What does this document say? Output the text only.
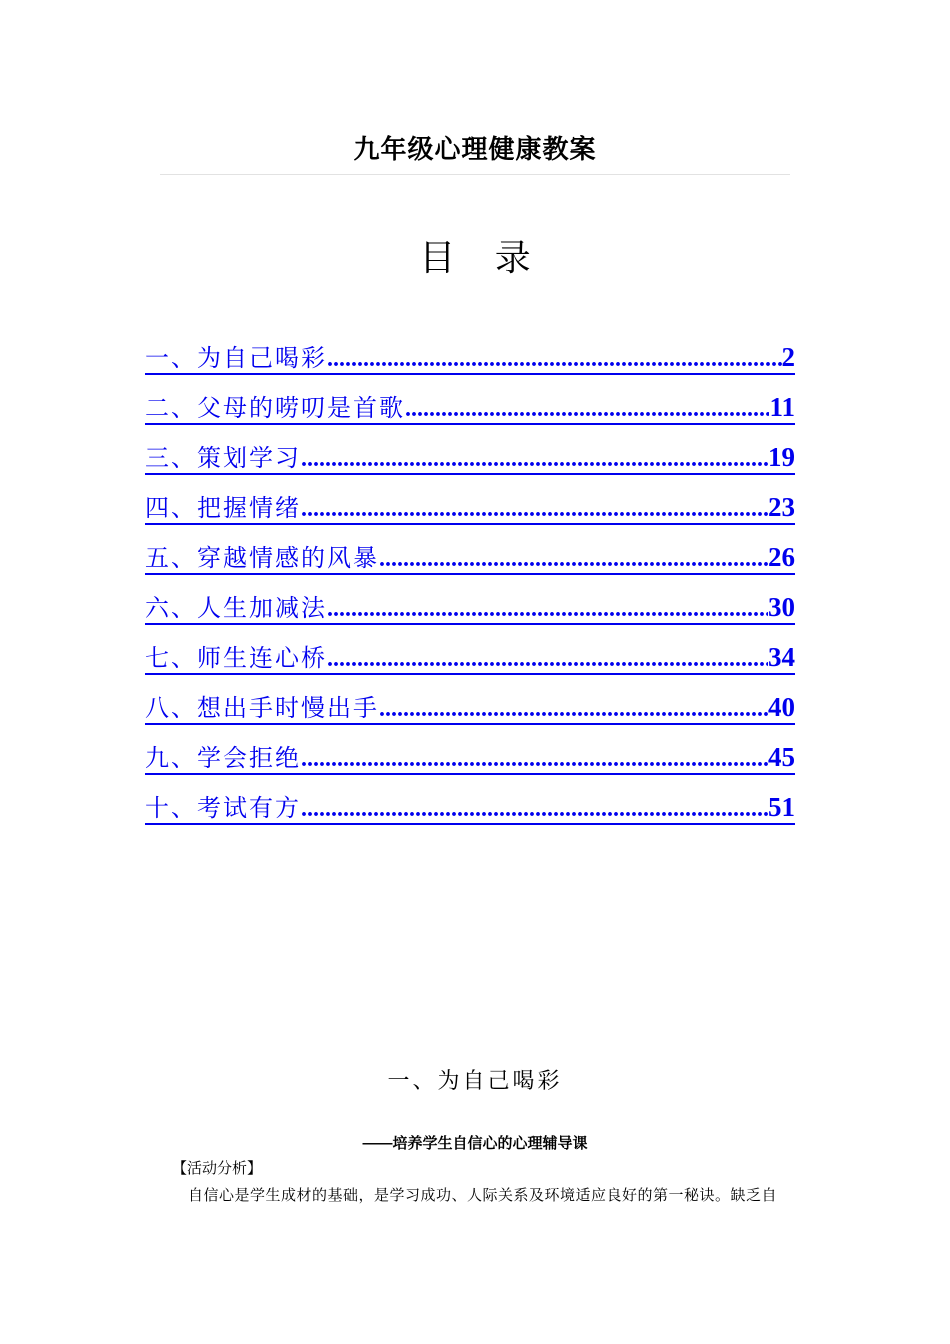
九年级心理健康教案
目 录
一、为自己喝彩 .....	2
二、父母的唠叨是首歌 .....	11
三、策划学习 .....	19
四、把握情绪 .....	23
五、穿越情感的风暴 .....	26
六、人生加减法 .....	30
七、师生连心桥 .....	34
八、想出手时慢出手 .....	40
九、学会拒绝 .....	45
十、考试有方 .....	51
一、为自己喝彩
——培养学生自信心的心理辅导课
【活动分析】
自信心是学生成材的基础，是学习成功、人际关系及环境适应良好的第一秘诀。缺乏自
